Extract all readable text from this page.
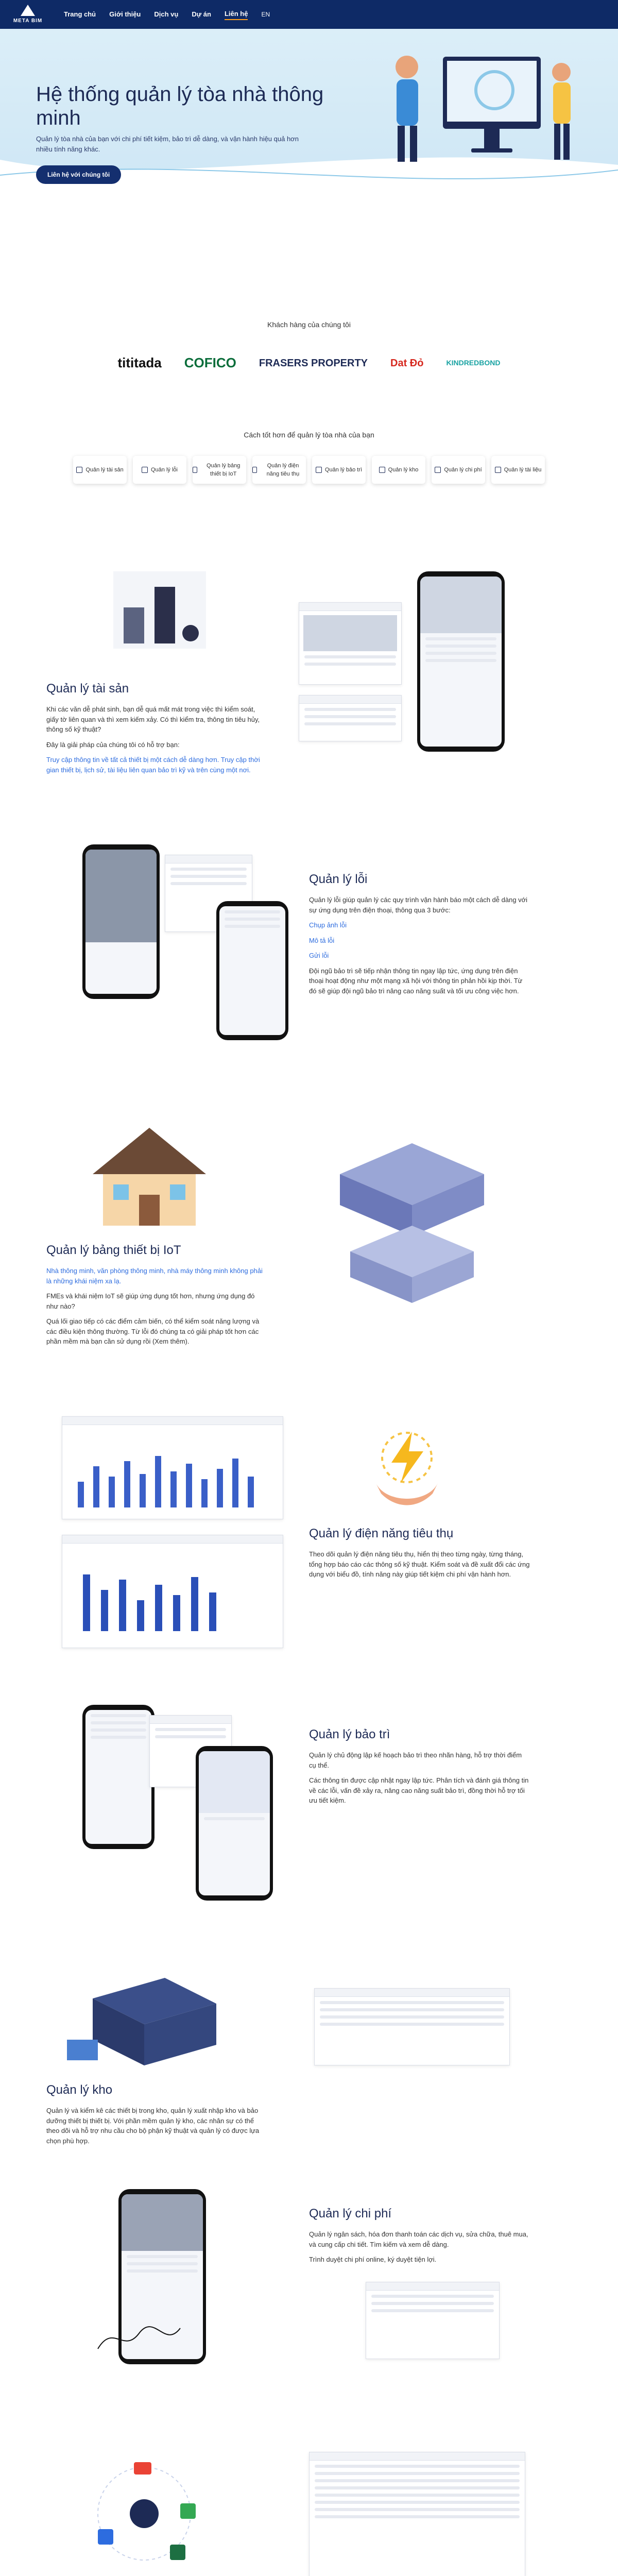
META BIM
Trang chủ Giới thiệu Dịch vụ Dự án Liên hệ EN
Hệ thống quản lý tòa nhà thông minh

Quản lý tòa nhà của bạn với chi phí tiết kiệm, bảo trì dễ dàng, và vận hành hiệu quả hơn nhiều tính năng khác.

Liên hệ với chúng tôi
Khách hàng của chúng tôi
tititada COFICO FRASERS PROPERTY Dat Đỏ	KINDREDBOND
Cách tốt hơn để quản lý tòa nhà của bạn
Quản lý tài sản	Quản lý lỗi
Quản lý bảng thiết bị IoT
Quản lý điện năng tiêu thụ
Quản lý bảo trì	Quản lý kho	Quản lý chi phí	Quản lý tài liệu
Quản lý tài sản

Khi các văn dễ phát sinh, bạn dễ quá mất mát trong việc thì kiểm soát, giấy tờ liên quan và thì xem kiếm xảy. Có thì kiểm tra, thông tin tiêu hủy, thông số kỹ thuật?

Đây là giải pháp của chúng tôi có hỗ trợ bạn:

Truy cập thông tin về tất cả thiết bị một cách dễ dàng hơn. Truy cập thời gian thiết bị, lịch sử, tài liệu liên quan bảo trì kỹ và trên cùng một nơi.

Quản lý lỗi

Quản lý lỗi giúp quản lý các quy trình vận hành báo một cách dễ dàng với sự ứng dụng trên điện thoại, thông qua 3 bước:

Chụp ảnh lỗi

Mô tả lỗi

Gửi lỗi

Đội ngũ bảo trì sẽ tiếp nhận thông tin ngay lập tức, ứng dụng trên điện thoại hoạt động như một mạng xã hội với thông tin phản hồi kịp thời. Từ đó sẽ giúp đội ngũ bảo trì nâng cao năng suất và tối ưu công việc hơn.

Quản lý bảng thiết bị IoT

Nhà thông minh, văn phòng thông minh, nhà máy thông minh không phải là những khái niệm xa lạ.

FMEs và khái niệm IoT sẽ giúp ứng dụng tốt hơn, nhưng ứng dụng đó như nào?

Quá lối giao tiếp có các điểm cảm biến, có thể kiểm soát năng lượng và các điều kiện thông thường. Từ lỗi đó chúng ta có giải pháp tốt hơn các phần mềm mà bạn cần sử dụng rồi (Xem thêm).

Quản lý điện năng tiêu thụ

Theo dõi quản lý điện năng tiêu thụ, hiển thị theo từng ngày, từng tháng, tổng hợp báo cáo các thông số kỹ thuật. Kiểm soát và đề xuất đổi các ứng dụng với biểu đồ, tính năng này giúp tiết kiệm chi phí vận hành hơn.

Quản lý bảo trì

Quản lý chủ động lập kế hoạch bảo trì theo nhãn hàng, hỗ trợ thời điểm cụ thể.

Các thông tin được cập nhật ngay lập tức. Phân tích và đánh giá thông tin về các lỗi, vấn đề xảy ra, nâng cao năng suất bảo trì, đồng thời hỗ trợ tối ưu tiết kiệm.

Quản lý kho

Quản lý và kiểm kê các thiết bị trong kho, quản lý xuất nhập kho và bảo dưỡng thiết bị thiết bị. Với phần mềm quản lý kho, các nhân sự có thể theo dõi và hỗ trợ nhu cầu cho bộ phận kỹ thuật và quản lý có được lựa chọn phù hợp.

Quản lý chi phí

Quản lý ngân sách, hóa đơn thanh toán các dịch vụ, sửa chữa, thuê mua, và cung cấp chi tiết. Tìm kiếm và xem dễ dàng.

Trình duyệt chi phí online, ký duyệt tiện lợi.
